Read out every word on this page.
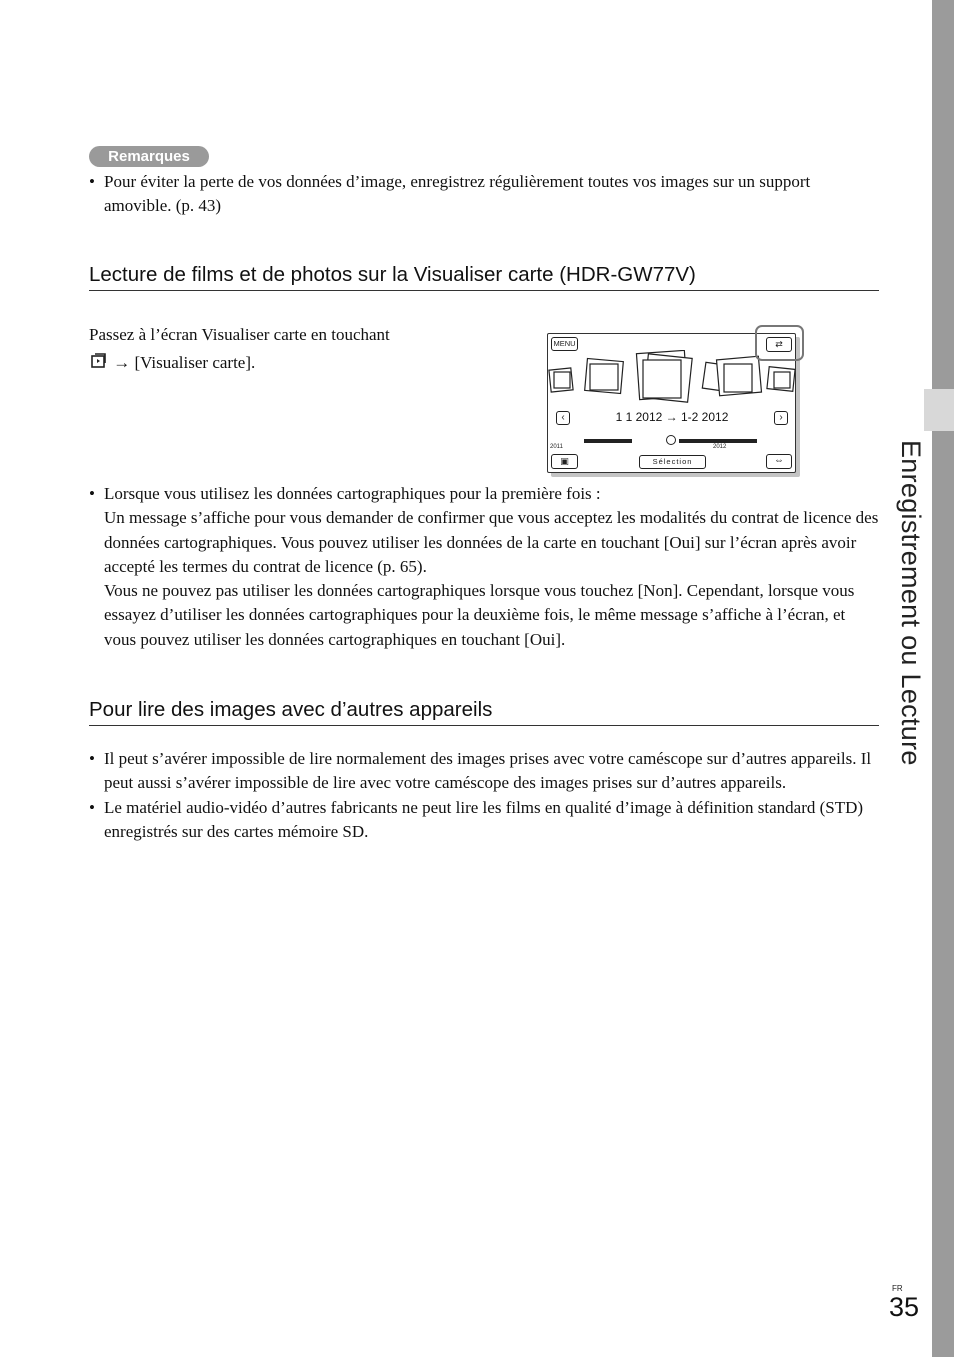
Enregistrement ou Lecture
Remarques
• Pour éviter la perte de vos données d’image, enregistrez régulièrement toutes vos images sur un support amovible. (p. 43)
Lecture de films et de photos sur la Visualiser carte (HDR-GW77V)
Passez à l’écran Visualiser carte en touchant
→ [Visualiser carte].
MENU	⇄
‹	1 1 2012 → 1-2 2012	›
2011	2012
▣	Sélection	⇔
• Lorsque vous utilisez les données cartographiques pour la première fois :
Un message s’affiche pour vous demander de confirmer que vous acceptez les modalités du contrat de licence des données cartographiques. Vous pouvez utiliser les données de la carte en touchant [Oui] sur l’écran après avoir accepté les termes du contrat de licence (p. 65).
Vous ne pouvez pas utiliser les données cartographiques lorsque vous touchez [Non]. Cependant, lorsque vous essayez d’utiliser les données cartographiques pour la deuxième fois, le même message s’affiche à l’écran, et vous pouvez utiliser les données cartographiques en touchant [Oui].
Pour lire des images avec d’autres appareils
• Il peut s’avérer impossible de lire normalement des images prises avec votre caméscope sur d’autres appareils. Il peut aussi s’avérer impossible de lire avec votre caméscope des images prises sur d’autres appareils.
• Le matériel audio-vidéo d’autres fabricants ne peut lire les films en qualité d’image à définition standard (STD) enregistrés sur des cartes mémoire SD.
FR
35
